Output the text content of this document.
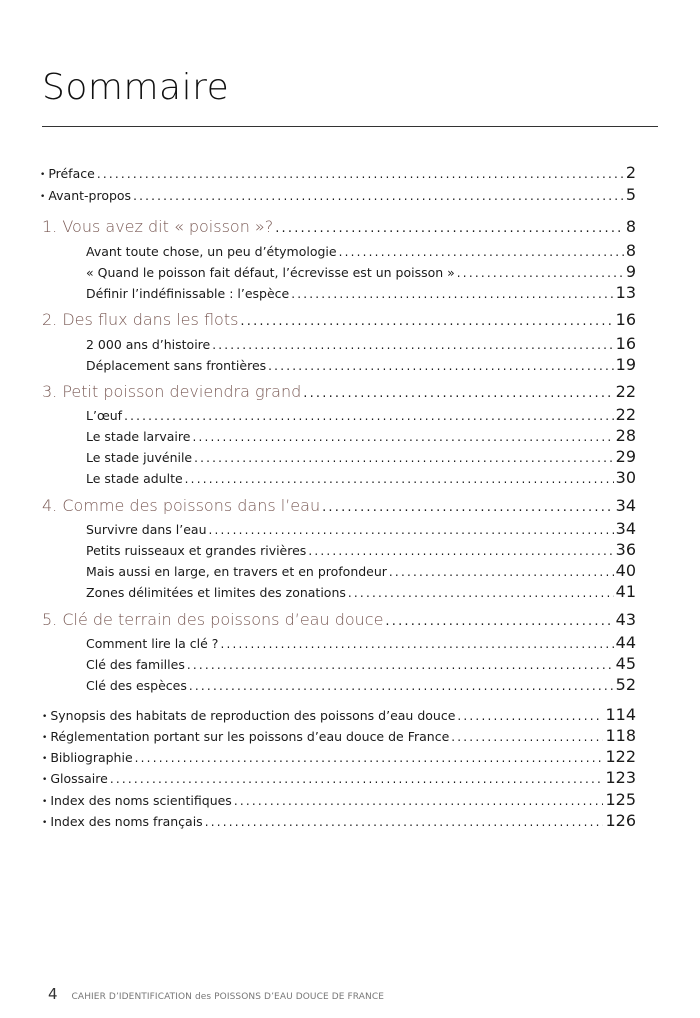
Sommaire
• Préface .....	2
• Avant-propos .....	5
1. Vous avez dit « poisson »? .....	8
Avant toute chose, un peu d’étymologie .....	8
« Quand le poisson fait défaut, l’écrevisse est un poisson » .....	9
Définir l’indéfinissable : l’espèce .....	13
2. Des flux dans les flots .....	16
2 000 ans d’histoire .....	16
Déplacement sans frontières .....	19
3. Petit poisson deviendra grand .....	22
L’œuf .....	22
Le stade larvaire .....	28
Le stade juvénile .....	29
Le stade adulte .....	30
4. Comme des poissons dans l’eau .....	34
Survivre dans l’eau .....	34
Petits ruisseaux et grandes rivières .....	36
Mais aussi en large, en travers et en profondeur .....	40
Zones délimitées et limites des zonations .....	41
5. Clé de terrain des poissons d’eau douce .....	43
Comment lire la clé ? .....	44
Clé des familles .....	45
Clé des espèces .....	52
• Synopsis des habitats de reproduction des poissons d’eau douce .....	114
• Réglementation portant sur les poissons d’eau douce de France .....	118
• Bibliographie .....	122
• Glossaire .....	123
• Index des noms scientifiques .....	125
• Index des noms français .....	126
4 CAHIER D’IDENTIFICATION des POISSONS D’EAU DOUCE DE FRANCE
